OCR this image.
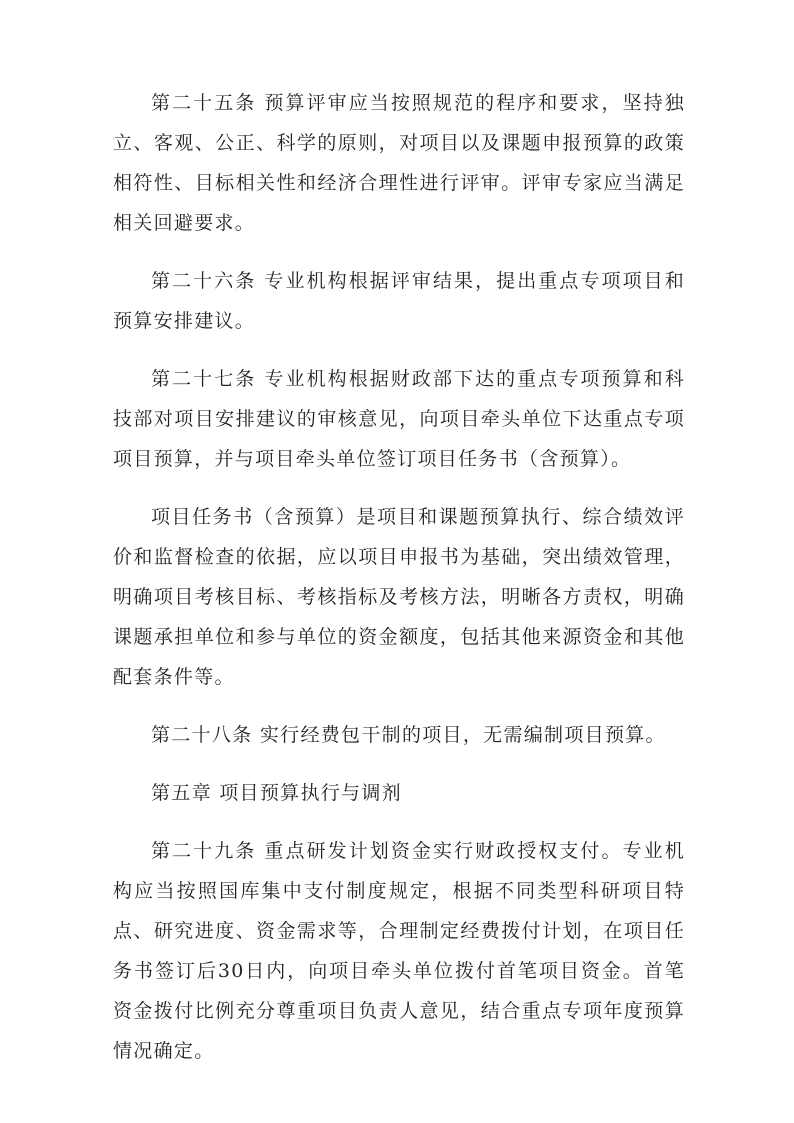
第二十五条 预算评审应当按照规范的程序和要求，坚持独立、客观、公正、科学的原则，对项目以及课题申报预算的政策相符性、目标相关性和经济合理性进行评审。评审专家应当满足相关回避要求。

第二十六条 专业机构根据评审结果，提出重点专项项目和预算安排建议。

第二十七条 专业机构根据财政部下达的重点专项预算和科技部对项目安排建议的审核意见，向项目牵头单位下达重点专项项目预算，并与项目牵头单位签订项目任务书（含预算）。

项目任务书（含预算）是项目和课题预算执行、综合绩效评价和监督检查的依据，应以项目申报书为基础，突出绩效管理，明确项目考核目标、考核指标及考核方法，明晰各方责权，明确课题承担单位和参与单位的资金额度，包括其他来源资金和其他配套条件等。

第二十八条 实行经费包干制的项目，无需编制项目预算。

第五章 项目预算执行与调剂

第二十九条 重点研发计划资金实行财政授权支付。专业机构应当按照国库集中支付制度规定，根据不同类型科研项目特点、研究进度、资金需求等，合理制定经费拨付计划，在项目任务书签订后30日内，向项目牵头单位拨付首笔项目资金。首笔资金拨付比例充分尊重项目负责人意见，结合重点专项年度预算情况确定。
